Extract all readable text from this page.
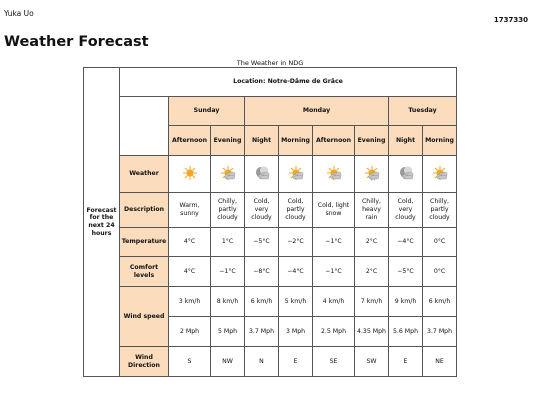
Yuka Uo
1737330
Weather Forecast
The Weather in NDG
Forecast for the next 24 hours	Location: Notre-Dâme de Grâce								
		Sunday		Monday				Tuesday	
		Afternoon	Evening	Night	Morning	Afternoon	Evening	Night	Morning
	Weather	

	Description	Warm, sunny	Chilly, partly cloudy	Cold, very cloudy	Cold, partly cloudy	Cold, light snow	Chilly, heavy rain	Cold, very cloudy	Chilly, partly cloudy
	Temperature	4°C	1°C	−5°C	−2°C	−1°C	2°C	−4°C	0°C
	Comfort levels	4°C	−1°C	−8°C	−4°C	−1°C	2°C	−5°C	0°C
	Wind speed	3 km/h	8 km/h	6 km/h	5 km/h	4 km/h	7 km/h	9 km/h	6 km/h
		2 Mph	5 Mph	3.7 Mph	3 Mph	2.5 Mph	4.35 Mph	5.6 Mph	3.7 Mph
	Wind Direction	S	NW	N	E	SE	SW	E	NE
